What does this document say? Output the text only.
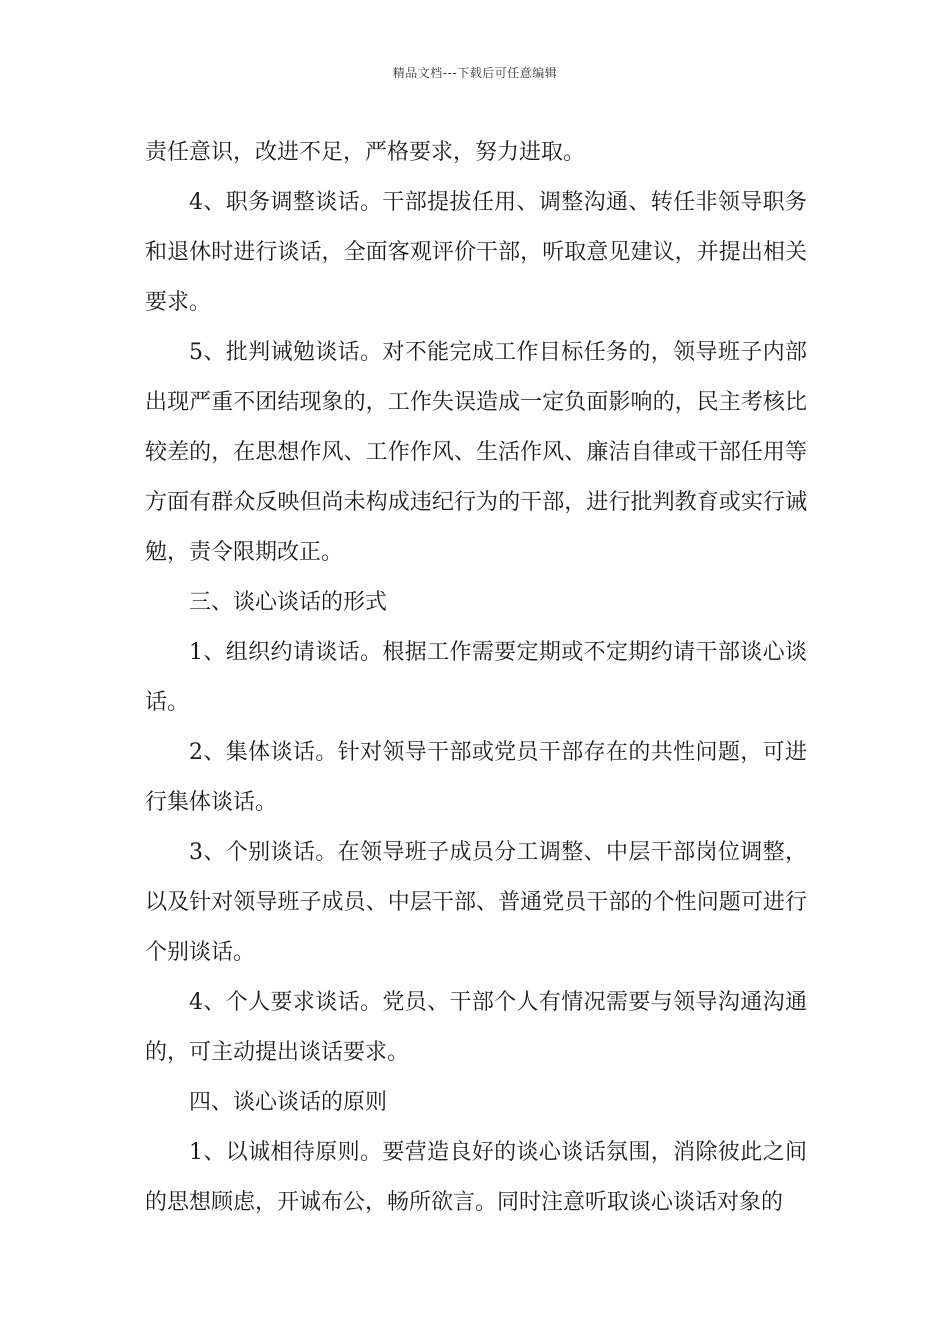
精品文档---下载后可任意编辑

责任意识，改进不足，严格要求，努力进取。

4、职务调整谈话。干部提拔任用、调整沟通、转任非领导职务和退休时进行谈话，全面客观评价干部，听取意见建议，并提出相关要求。

5、批判诫勉谈话。对不能完成工作目标任务的，领导班子内部出现严重不团结现象的，工作失误造成一定负面影响的，民主考核比较差的，在思想作风、工作作风、生活作风、廉洁自律或干部任用等方面有群众反映但尚未构成违纪行为的干部，进行批判教育或实行诫勉，责令限期改正。

三、谈心谈话的形式

1、组织约请谈话。根据工作需要定期或不定期约请干部谈心谈话。

2、集体谈话。针对领导干部或党员干部存在的共性问题，可进行集体谈话。

3、个别谈话。在领导班子成员分工调整、中层干部岗位调整，以及针对领导班子成员、中层干部、普通党员干部的个性问题可进行个别谈话。

4、个人要求谈话。党员、干部个人有情况需要与领导沟通沟通的，可主动提出谈话要求。

四、谈心谈话的原则

1、以诚相待原则。要营造良好的谈心谈话氛围，消除彼此之间的思想顾虑，开诚布公，畅所欲言。同时注意听取谈心谈话对象的
